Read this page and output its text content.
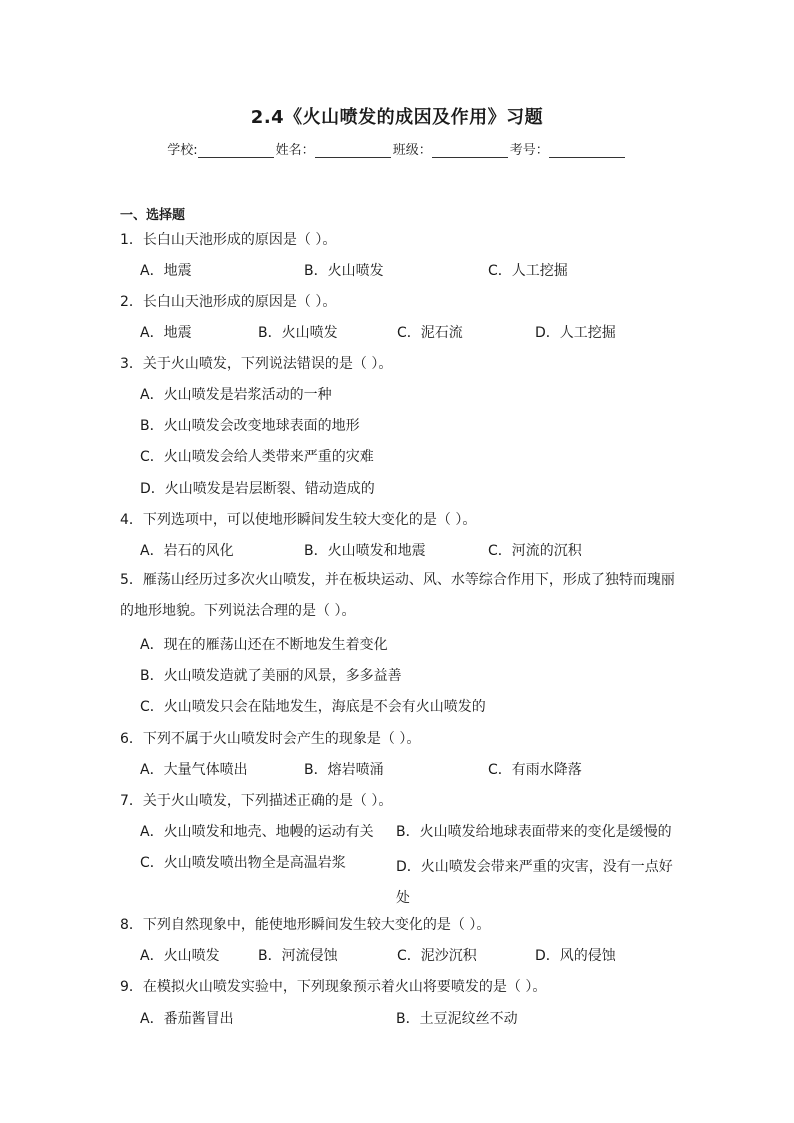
2.4《火山喷发的成因及作用》习题
学校:	姓名：	班级：	考号：
一、选择题
1．长白山天池形成的原因是（ ）。
A．地震	B．火山喷发	C．人工挖掘
2．长白山天池形成的原因是（ ）。
A．地震	B．火山喷发	C．泥石流	D．人工挖掘
3．关于火山喷发，下列说法错误的是（ ）。
A．火山喷发是岩浆活动的一种
B．火山喷发会改变地球表面的地形
C．火山喷发会给人类带来严重的灾难
D．火山喷发是岩层断裂、错动造成的
4．下列选项中，可以使地形瞬间发生较大变化的是（ ）。
A．岩石的风化	B．火山喷发和地震	C．河流的沉积
5．雁荡山经历过多次火山喷发，并在板块运动、风、水等综合作用下，形成了独特而瑰丽的地形地貌。下列说法合理的是（ ）。
A．现在的雁荡山还在不断地发生着变化
B．火山喷发造就了美丽的风景，多多益善
C．火山喷发只会在陆地发生，海底是不会有火山喷发的
6．下列不属于火山喷发时会产生的现象是（ ）。
A．大量气体喷出	B．熔岩喷涌	C．有雨水降落
7．关于火山喷发，下列描述正确的是（ ）。
A．火山喷发和地壳、地幔的运动有关 B．火山喷发给地球表面带来的变化是缓慢的
C．火山喷发喷出物全是高温岩浆	D．火山喷发会带来严重的灾害，没有一点好处
8．下列自然现象中，能使地形瞬间发生较大变化的是（ ）。
A．火山喷发	B．河流侵蚀	C．泥沙沉积	D．风的侵蚀
9．在模拟火山喷发实验中，下列现象预示着火山将要喷发的是（ ）。
A．番茄酱冒出	B．土豆泥纹丝不动
